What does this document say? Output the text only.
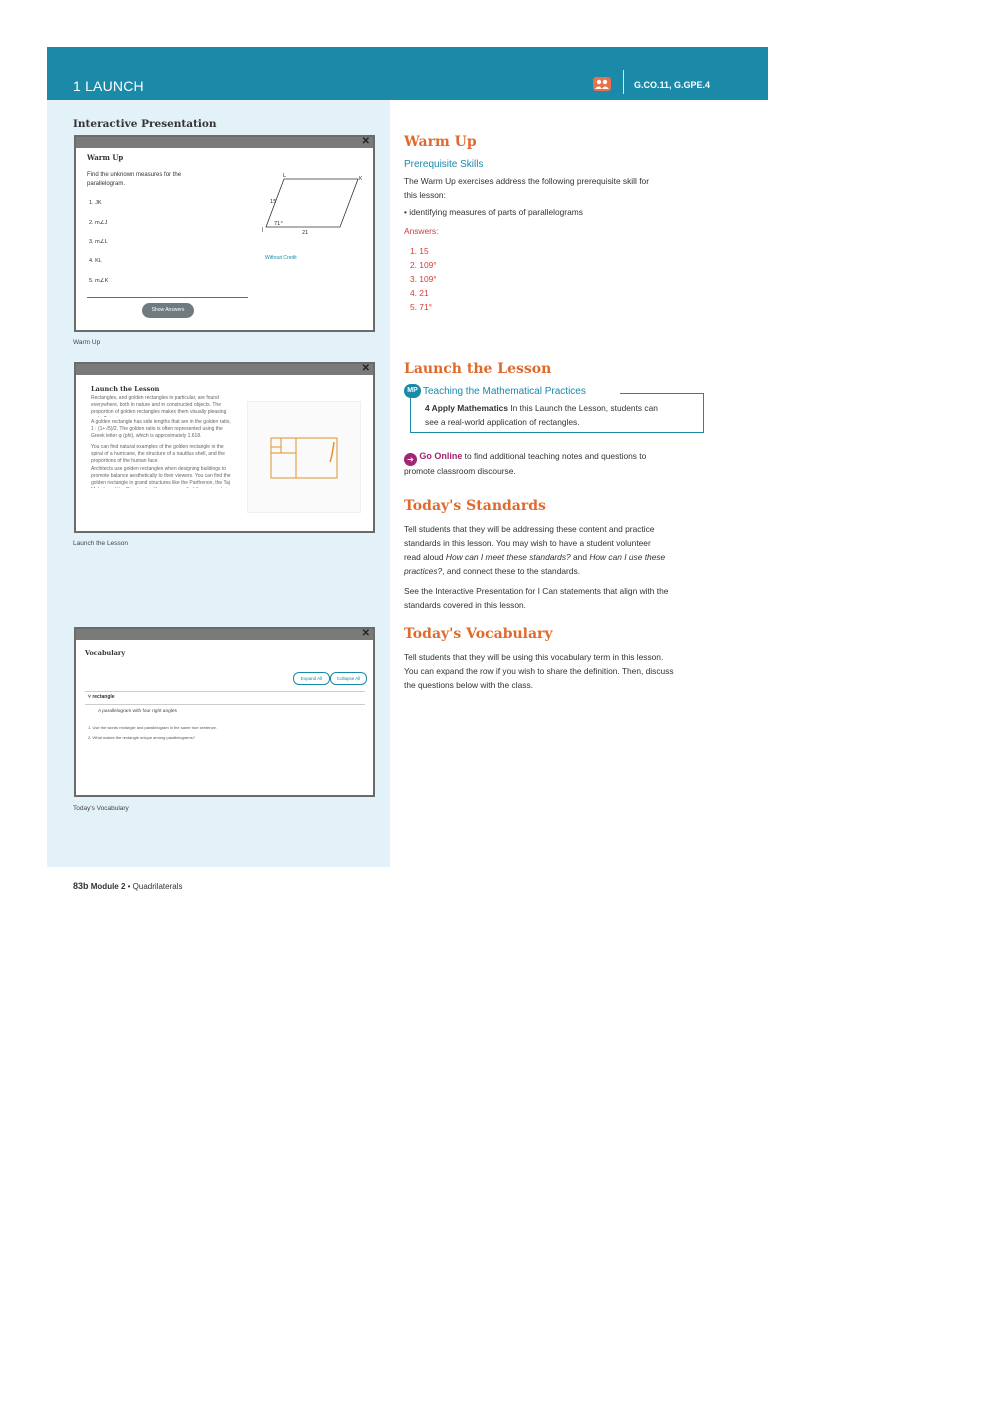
1 LAUNCH	G.CO.11, G.GPE.4
Interactive Presentation
✕
Warm Up
Find the unknown measures for the parallelogram.
1. JK
2. m∠J
3. m∠L
4. KL
5. m∠K
Show Answers
L	K
J
15
71°
21
Without Credit
Warm Up
✕
Launch the Lesson
Rectangles, and golden rectangles in particular, are found everywhere, both in nature and in constructed objects. The proportion of golden rectangles makes them visually pleasing
A golden rectangle has side lengths that are in the golden ratio, 1 : (1+√5)/2. The golden ratio is often represented using the Greek letter φ (phi), which is approximately 1.618.
You can find natural examples of the golden rectangle in the spiral of a hurricane, the structure of a nautilus shell, and the proportions of the human face.
Architects use golden rectangles when designing buildings to promote balance aesthetically to their viewers. You can find the golden rectangle in grand structures like the Parthenon, the Taj
Launch the Lesson
✕
Vocabulary
Expand All	Collapse All
˅ rectangle
A parallelogram with four right angles
1. Use the words rectangle and parallelogram in the same true sentence.
2. What makes the rectangle unique among parallelograms?
Today's Vocabulary
Warm Up
Prerequisite Skills
The Warm Up exercises address the following prerequisite skill for
this lesson:
• identifying measures of parts of parallelograms
Answers:
1. 15
2. 109°
3. 109°
4. 21
5. 71°
Launch the Lesson
MP Teaching the Mathematical Practices
4 Apply Mathematics In this Launch the Lesson, students can
see a real-world application of rectangles.
➔ Go Online to find additional teaching notes and questions to
promote classroom discourse.
Today's Standards
Tell students that they will be addressing these content and practice
standards in this lesson. You may wish to have a student volunteer
read aloud How can I meet these standards? and How can I use these
practices?, and connect these to the standards.
See the Interactive Presentation for I Can statements that align with the
standards covered in this lesson.
Today's Vocabulary
Tell students that they will be using this vocabulary term in this lesson.
You can expand the row if you wish to share the definition. Then, discuss
the questions below with the class.
83b Module 2 • Quadrilaterals
